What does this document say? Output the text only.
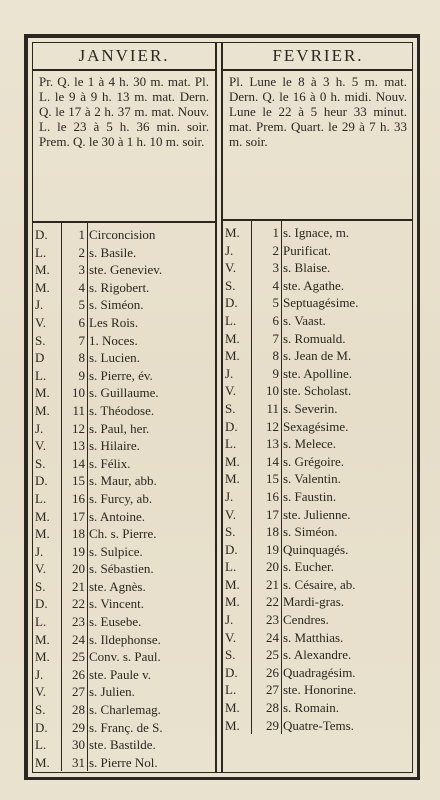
JANVIER.
Pr. Q. le 1 à 4 h. 30 m. mat. Pl. L. le 9 à 9 h. 13 m. mat. Dern. Q. le 17 à 2 h. 37 m. mat. Nouv. L. le 23 à 5 h. 36 min. soir. Prem. Q. le 30 à 1 h. 10 m. soir.
D.	1 Circoncision
L.	2 s. Basile.
M.	3 ste. Geneviev.
M.	4 s. Rigobert.
J.	5 s. Siméon.
V.	6 Les Rois.
S.	7 1. Noces.
D	8 s. Lucien.
L.	9 s. Pierre, év.
M.	10 s. Guillaume.
M.	11 s. Théodose.
J.	12 s. Paul, her.
V.	13 s. Hilaire.
S.	14 s. Félix.
D.	15 s. Maur, abb.
L.	16 s. Furcy, ab.
M.	17 s. Antoine.
M.	18 Ch. s. Pierre.
J.	19 s. Sulpice.
V.	20 s. Sébastien.
S.	21 ste. Agnès.
D.	22 s. Vincent.
L.	23 s. Eusebe.
M.	24 s. Ildephonse.
M.	25 Conv. s. Paul.
J.	26 ste. Paule v.
V.	27 s. Julien.
S.	28 s. Charlemag.
D.	29 s. Franç. de S.
L.	30 ste. Bastilde.
M.	31 s. Pierre Nol.
FEVRIER.
Pl. Lune le 8 à 3 h. 5 m. mat. Dern. Q. le 16 à 0 h. midi. Nouv. Lune le 22 à 5 heur 33 minut. mat. Prem. Quart. le 29 à 7 h. 33 m. soir.
M.	1 s. Ignace, m.
J.	2 Purificat.
V.	3 s. Blaise.
S.	4 ste. Agathe.
D.	5 Septuagésime.
L.	6 s. Vaast.
M.	7 s. Romuald.
M.	8 s. Jean de M.
J.	9 ste. Apolline.
V.	10 ste. Scholast.
S.	11 s. Severin.
D.	12 Sexagésime.
L.	13 s. Melece.
M.	14 s. Grégoire.
M.	15 s. Valentin.
J.	16 s. Faustin.
V.	17 ste. Julienne.
S.	18 s. Siméon.
D.	19 Quinquagés.
L.	20 s. Eucher.
M.	21 s. Césaire, ab.
M.	22 Mardi-gras.
J.	23 Cendres.
V.	24 s. Matthias.
S.	25 s. Alexandre.
D.	26 Quadragésim.
L.	27 ste. Honorine.
M.	28 s. Romain.
M.	29 Quatre-Tems.
